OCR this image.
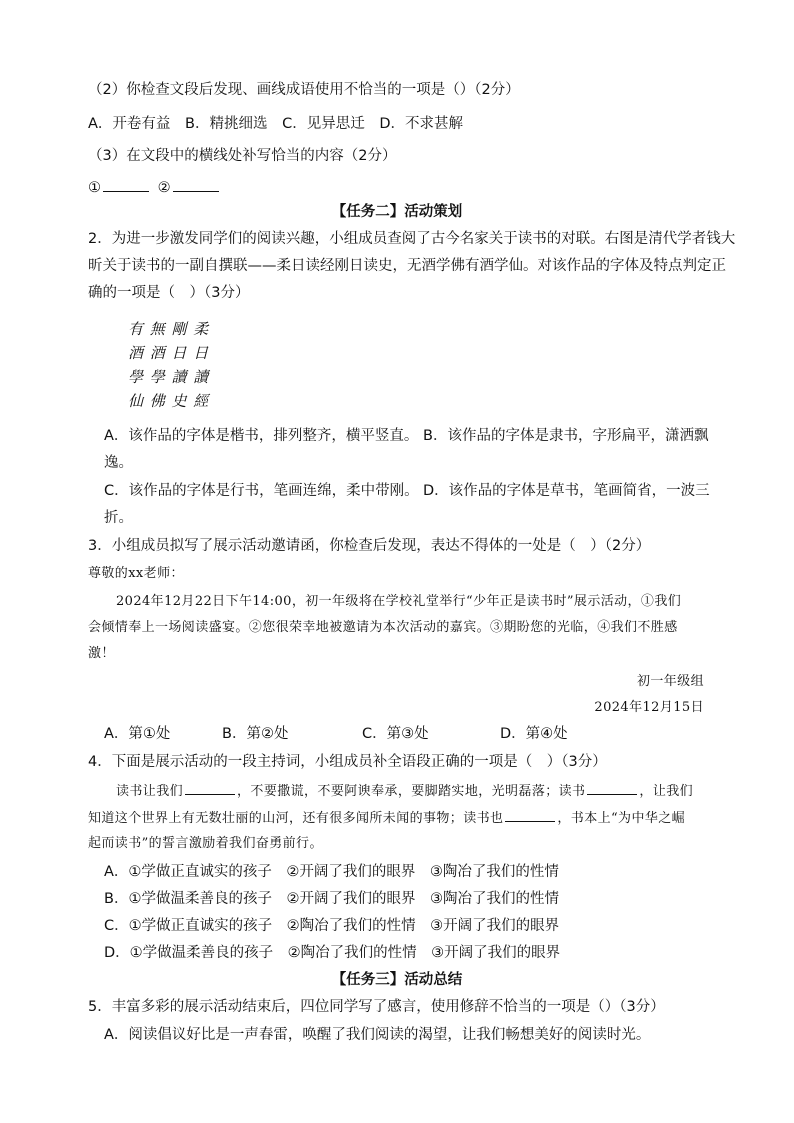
（2）你检查文段后发现、画线成语使用不恰当的一项是（）（2分）
A．开卷有益 B．精挑细选 C．见异思迁 D．不求甚解
（3）在文段中的横线处补写恰当的内容（2分）
①	②
【任务二】活动策划
2．为进一步激发同学们的阅读兴趣，小组成员查阅了古今名家关于读书的对联。右图是清代学者钱大
昕关于读书的一副自撰联——柔日读经刚日读史，无酒学佛有酒学仙。对该作品的字体及特点判定正
确的一项是（　）（3分）
有 無 剛 柔
酒 酒 日 日
學 學 讀 讀
仙 佛 史 經
A．该作品的字体是楷书，排列整齐，横平竖直。 B．该作品的字体是隶书，字形扁平，潇洒飘
逸。
C．该作品的字体是行书，笔画连绵，柔中带刚。 D．该作品的字体是草书，笔画简省，一波三
折。
3．小组成员拟写了展示活动邀请函，你检查后发现，表达不得体的一处是（　）（2分）
尊敬的xx老师：
2024年12月22日下午14:00，初一年级将在学校礼堂举行“少年正是读书时”展示活动，①我们
会倾情奉上一场阅读盛宴。②您很荣幸地被邀请为本次活动的嘉宾。③期盼您的光临，④我们不胜感
激！
初一年级组
2024年12月15日
A．第①处	B．第②处	C．第③处	D．第④处
4．下面是展示活动的一段主持词，小组成员补全语段正确的一项是（　）（3分）
读书让我们	，不要撒谎，不要阿谀奉承，要脚踏实地，光明磊落；读书	，让我们
知道这个世界上有无数壮丽的山河，还有很多闻所未闻的事物；读书也	，书本上“为中华之崛
起而读书”的誓言激励着我们奋勇前行。
A．①学做正直诚实的孩子　②开阔了我们的眼界　③陶冶了我们的性情
B．①学做温柔善良的孩子　②开阔了我们的眼界　③陶冶了我们的性情
C．①学做正直诚实的孩子　②陶冶了我们的性情　③开阔了我们的眼界
D．①学做温柔善良的孩子　②陶冶了我们的性情　③开阔了我们的眼界
【任务三】活动总结
5．丰富多彩的展示活动结束后，四位同学写了感言，使用修辞不恰当的一项是（）（3分）
A．阅读倡议好比是一声春雷，唤醒了我们阅读的渴望，让我们畅想美好的阅读时光。
